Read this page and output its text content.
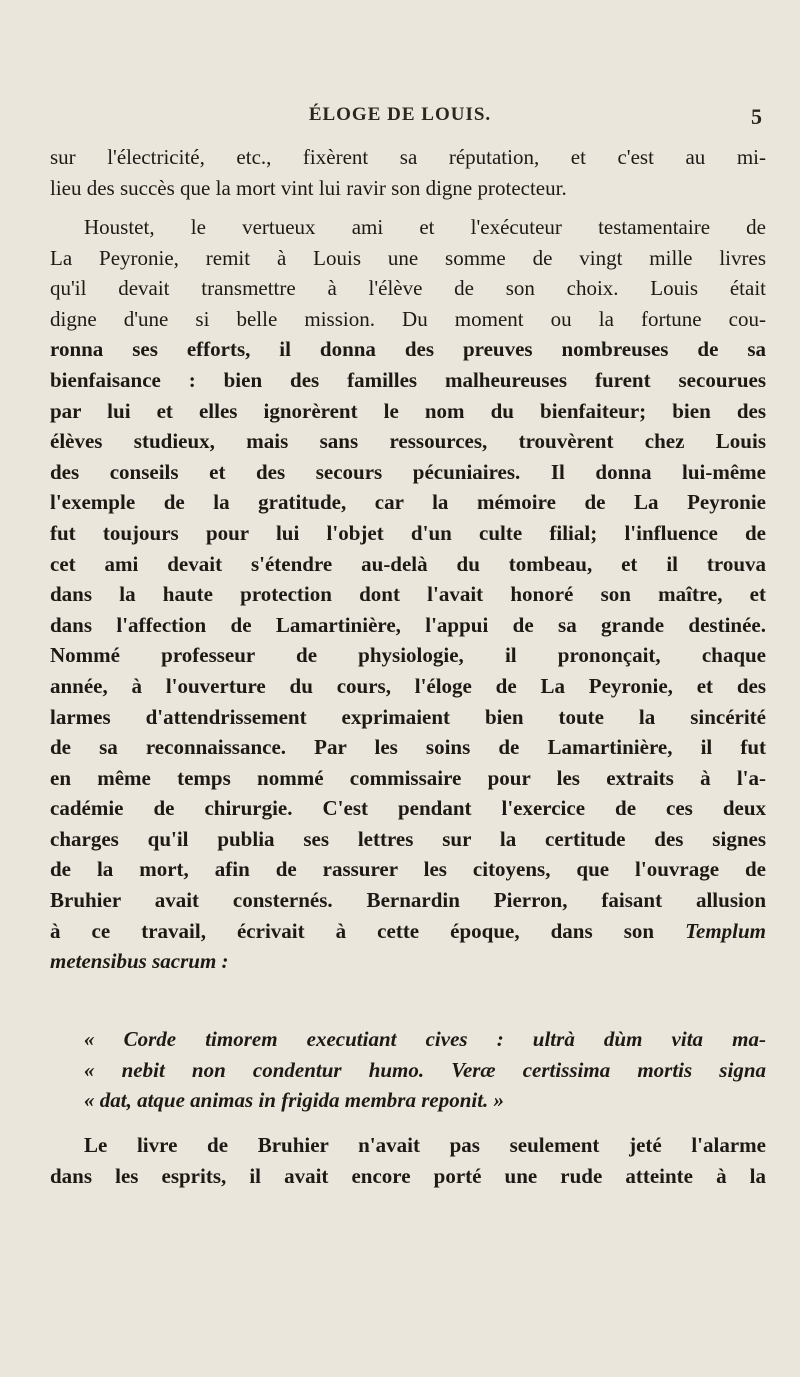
ÉLOGE DE LOUIS.	5
sur l'électricité, etc., fixèrent sa réputation, et c'est au mi-
lieu des succès que la mort vint lui ravir son digne protecteur.
Houstet, le vertueux ami et l'exécuteur testamentaire de
La Peyronie, remit à Louis une somme de vingt mille livres
qu'il devait transmettre à l'élève de son choix. Louis était
digne d'une si belle mission. Du moment ou la fortune cou-
ronna ses efforts, il donna des preuves nombreuses de sa
bienfaisance : bien des familles malheureuses furent secourues
par lui et elles ignorèrent le nom du bienfaiteur; bien des
élèves studieux, mais sans ressources, trouvèrent chez Louis
des conseils et des secours pécuniaires. Il donna lui-même
l'exemple de la gratitude, car la mémoire de La Peyronie
fut toujours pour lui l'objet d'un culte filial; l'influence de
cet ami devait s'étendre au-delà du tombeau, et il trouva
dans la haute protection dont l'avait honoré son maître, et
dans l'affection de Lamartinière, l'appui de sa grande destinée.
Nommé professeur de physiologie, il prononçait, chaque
année, à l'ouverture du cours, l'éloge de La Peyronie, et des
larmes d'attendrissement exprimaient bien toute la sincérité
de sa reconnaissance. Par les soins de Lamartinière, il fut
en même temps nommé commissaire pour les extraits à l'a-
cadémie de chirurgie. C'est pendant l'exercice de ces deux
charges qu'il publia ses lettres sur la certitude des signes
de la mort, afin de rassurer les citoyens, que l'ouvrage de
Bruhier avait consternés. Bernardin Pierron, faisant allusion
à ce travail, écrivait à cette époque, dans son Templum
metensibus sacrum :
« Corde timorem executiant cives : ultrà dùm vita ma-
« nebit non condentur humo. Veræ certissima mortis signa
« dat, atque animas in frigida membra reponit. »
Le livre de Bruhier n'avait pas seulement jeté l'alarme
dans les esprits, il avait encore porté une rude atteinte à la
